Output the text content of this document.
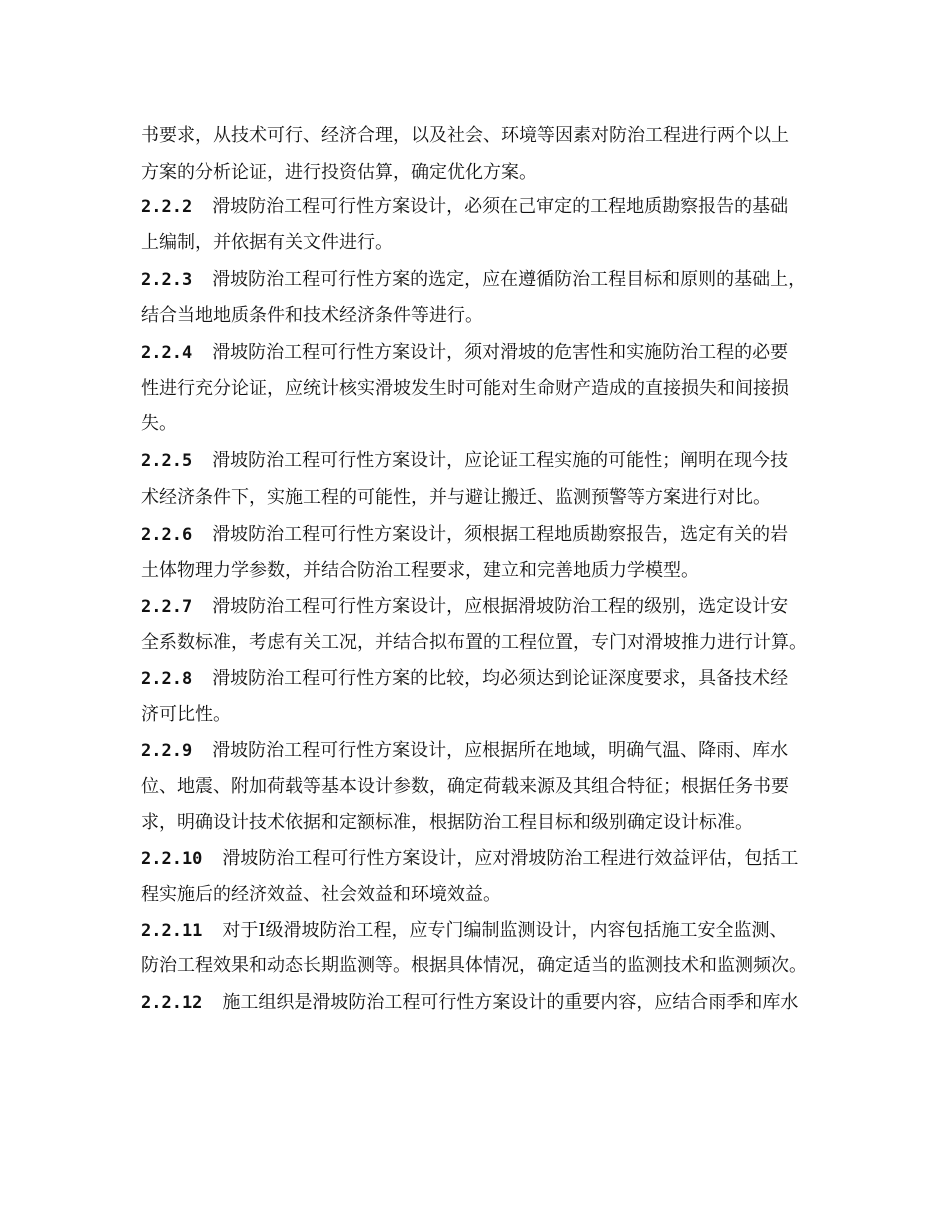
书要求，从技术可行、经济合理，以及社会、环境等因素对防治工程进行两个以上
方案的分析论证，进行投资估算，确定优化方案。
2.2.2 滑坡防治工程可行性方案设计，必须在己审定的工程地质勘察报告的基础
上编制，并依据有关文件进行。
2.2.3 滑坡防治工程可行性方案的选定，应在遵循防治工程目标和原则的基础上，
结合当地地质条件和技术经济条件等进行。
2.2.4 滑坡防治工程可行性方案设计，须对滑坡的危害性和实施防治工程的必要
性进行充分论证，应统计核实滑坡发生时可能对生命财产造成的直接损失和间接损
失。
2.2.5 滑坡防治工程可行性方案设计，应论证工程实施的可能性；阐明在现今技
术经济条件下，实施工程的可能性，并与避让搬迁、监测预警等方案进行对比。
2.2.6 滑坡防治工程可行性方案设计，须根据工程地质勘察报告，选定有关的岩
土体物理力学参数，并结合防治工程要求，建立和完善地质力学模型。
2.2.7 滑坡防治工程可行性方案设计，应根据滑坡防治工程的级别，选定设计安
全系数标准，考虑有关工况，并结合拟布置的工程位置，专门对滑坡推力进行计算。
2.2.8 滑坡防治工程可行性方案的比较，均必须达到论证深度要求，具备技术经
济可比性。
2.2.9 滑坡防治工程可行性方案设计，应根据所在地域，明确气温、降雨、库水
位、地震、附加荷载等基本设计参数，确定荷载来源及其组合特征；根据任务书要
求，明确设计技术依据和定额标准，根据防治工程目标和级别确定设计标准。
2.2.10 滑坡防治工程可行性方案设计，应对滑坡防治工程进行效益评估，包括工
程实施后的经济效益、社会效益和环境效益。
2.2.11 对于Ⅰ级滑坡防治工程，应专门编制监测设计，内容包括施工安全监测、
防治工程效果和动态长期监测等。根据具体情况，确定适当的监测技术和监测频次。
2.2.12 施工组织是滑坡防治工程可行性方案设计的重要内容，应结合雨季和库水
